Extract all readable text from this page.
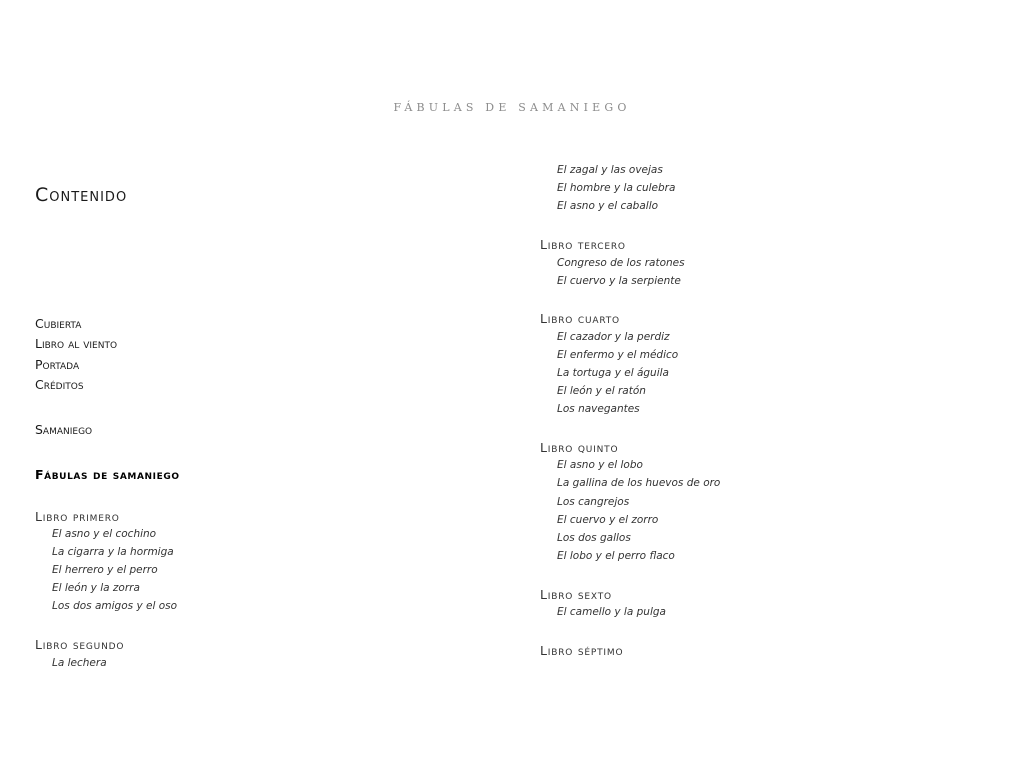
FÁBULAS DE SAMANIEGO
Contenido
Cubierta
Libro al viento
Portada
Créditos
Samaniego
Fábulas de samaniego
Libro primero
El asno y el cochino
La cigarra y la hormiga
El herrero y el perro
El león y la zorra
Los dos amigos y el oso
Libro segundo
La lechera
El zagal y las ovejas
El hombre y la culebra
El asno y el caballo
Libro tercero
Congreso de los ratones
El cuervo y la serpiente
Libro cuarto
El cazador y la perdiz
El enfermo y el médico
La tortuga y el águila
El león y el ratón
Los navegantes
Libro quinto
El asno y el lobo
La gallina de los huevos de oro
Los cangrejos
El cuervo y el zorro
Los dos gallos
El lobo y el perro flaco
Libro sexto
El camello y la pulga
Libro séptimo
